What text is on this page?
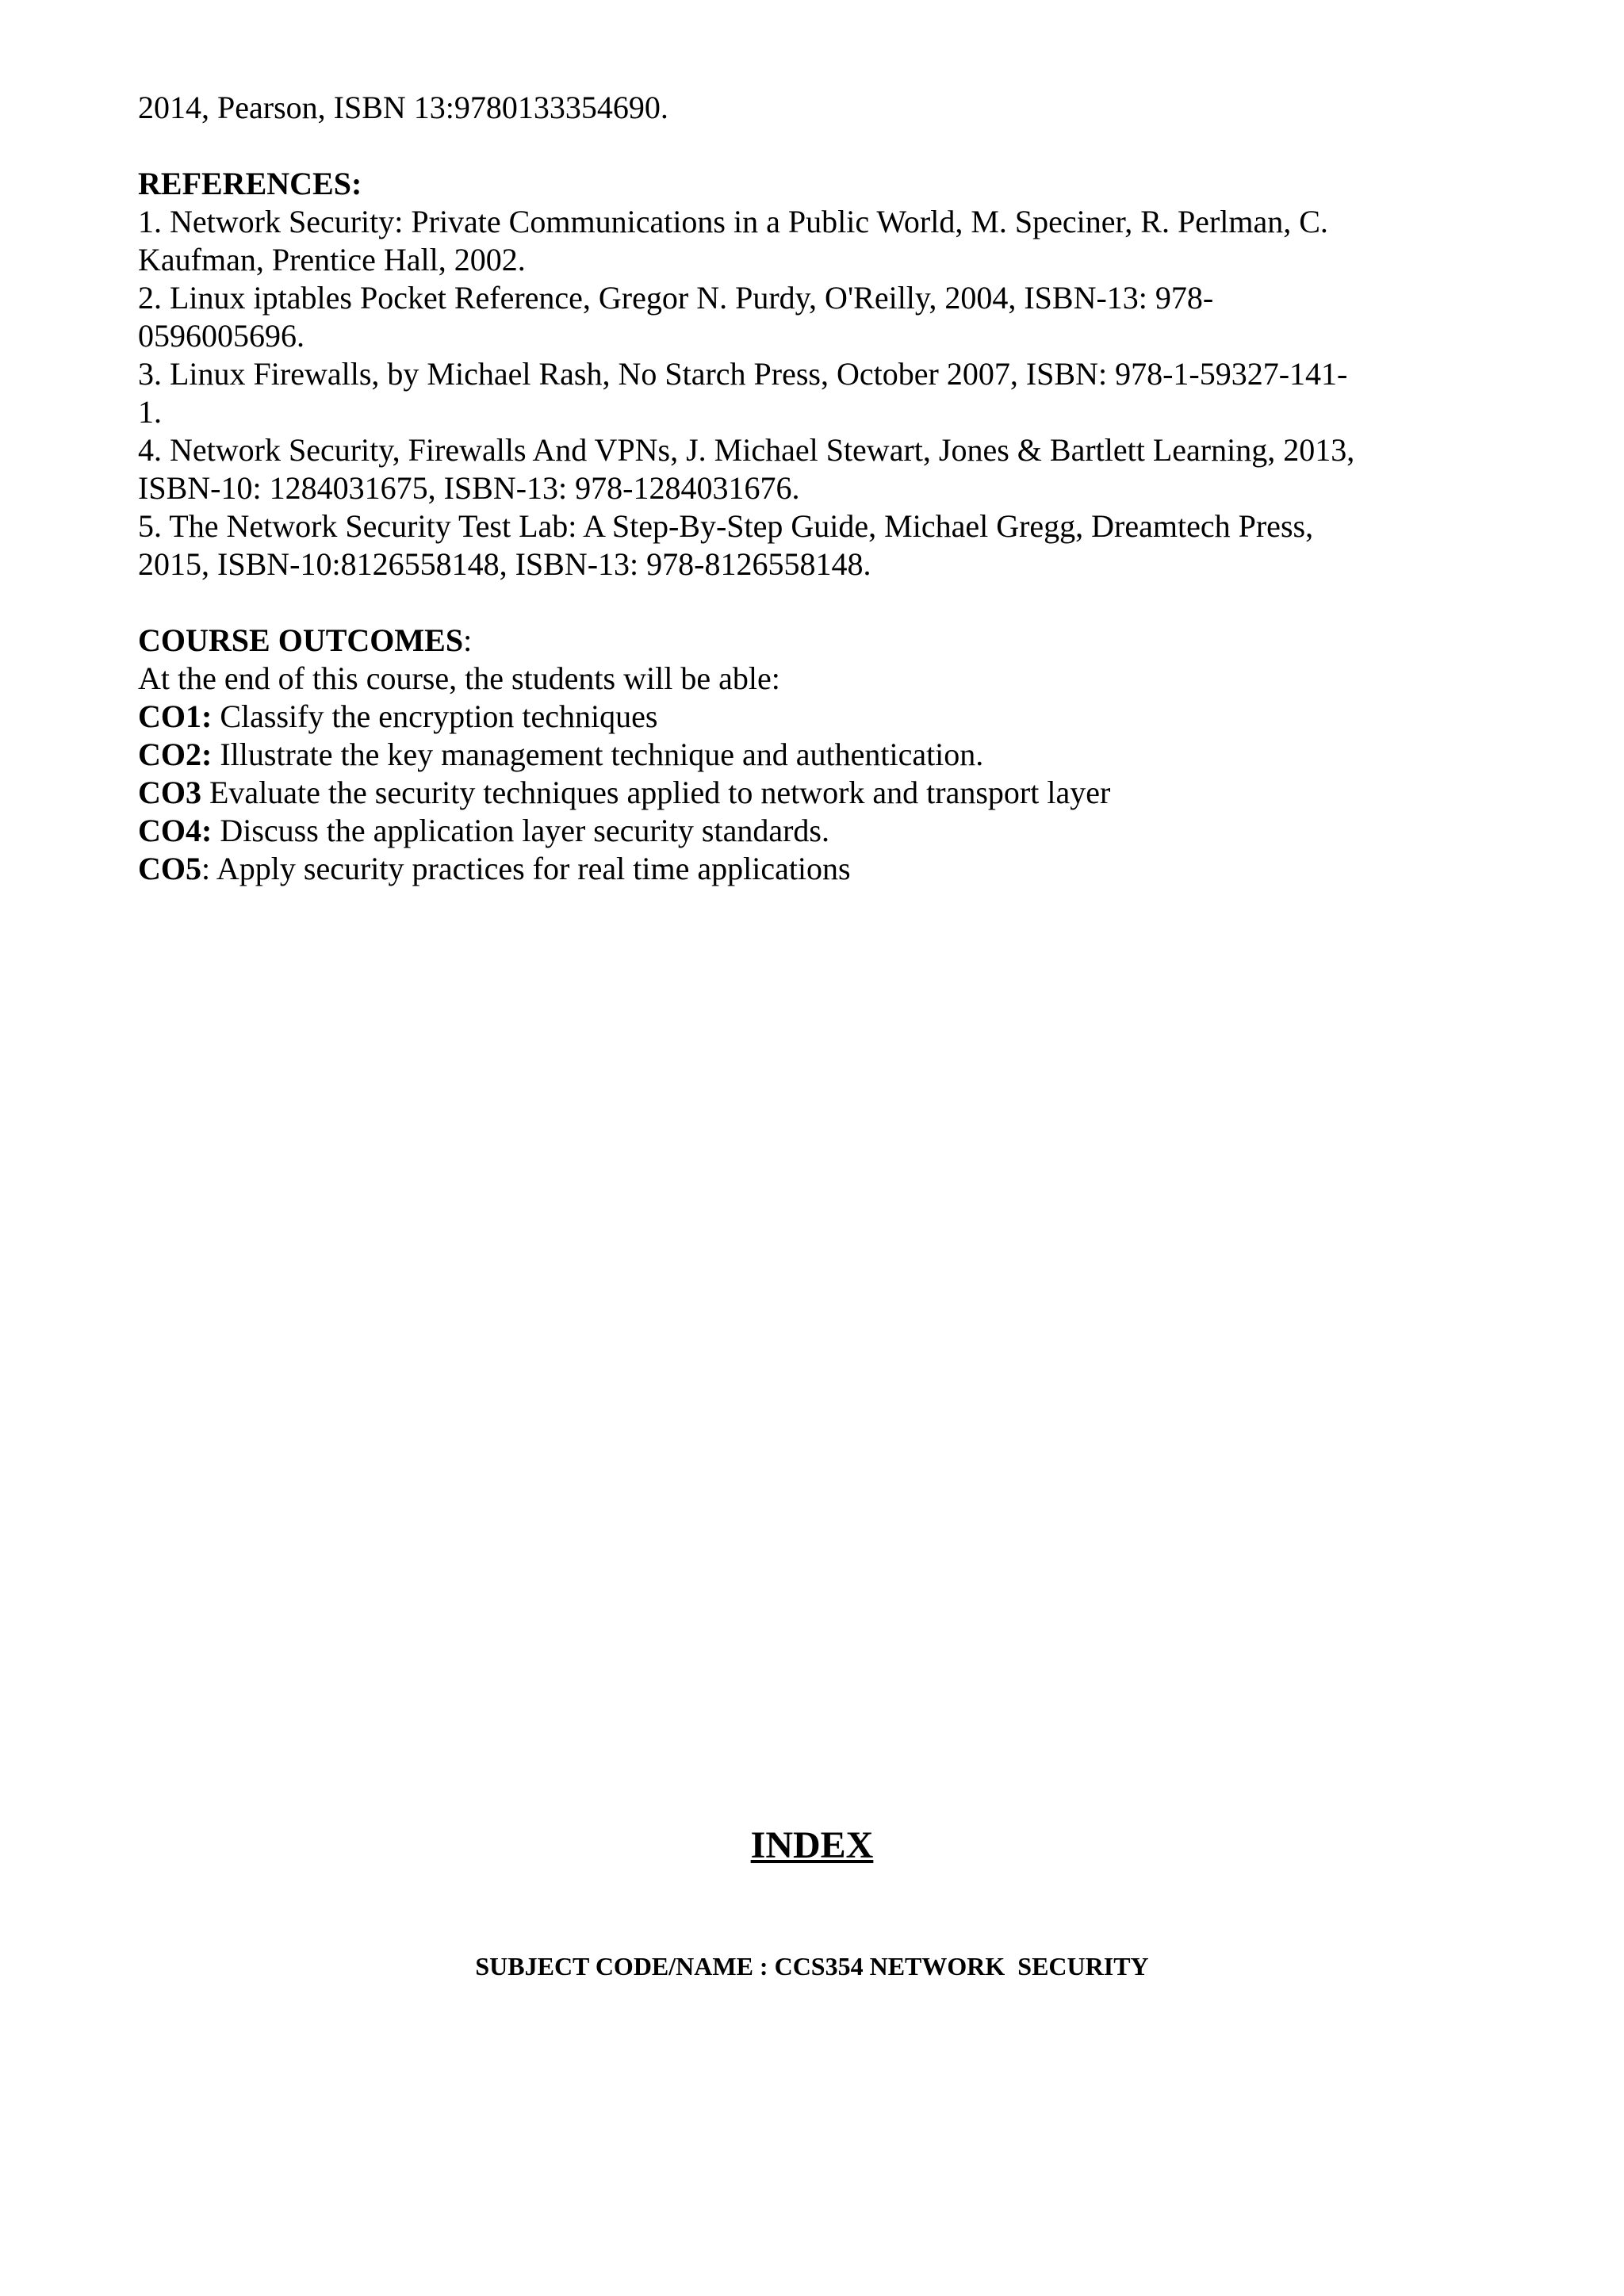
2014, Pearson, ISBN 13:9780133354690.
REFERENCES:
1. Network Security: Private Communications in a Public World, M. Speciner, R. Perlman, C.
Kaufman, Prentice Hall, 2002.
2. Linux iptables Pocket Reference, Gregor N. Purdy, O'Reilly, 2004, ISBN-13: 978-
0596005696.
3. Linux Firewalls, by Michael Rash, No Starch Press, October 2007, ISBN: 978-1-59327-141-
1.
4. Network Security, Firewalls And VPNs, J. Michael Stewart, Jones & Bartlett Learning, 2013,
ISBN-10: 1284031675, ISBN-13: 978-1284031676.
5. The Network Security Test Lab: A Step-By-Step Guide, Michael Gregg, Dreamtech Press,
2015, ISBN-10:8126558148, ISBN-13: 978-8126558148.
COURSE OUTCOMES:
At the end of this course, the students will be able:
CO1: Classify the encryption techniques
CO2: Illustrate the key management technique and authentication.
CO3 Evaluate the security techniques applied to network and transport layer
CO4: Discuss the application layer security standards.
CO5: Apply security practices for real time applications
INDEX
SUBJECT CODE/NAME : CCS354 NETWORK  SECURITY
